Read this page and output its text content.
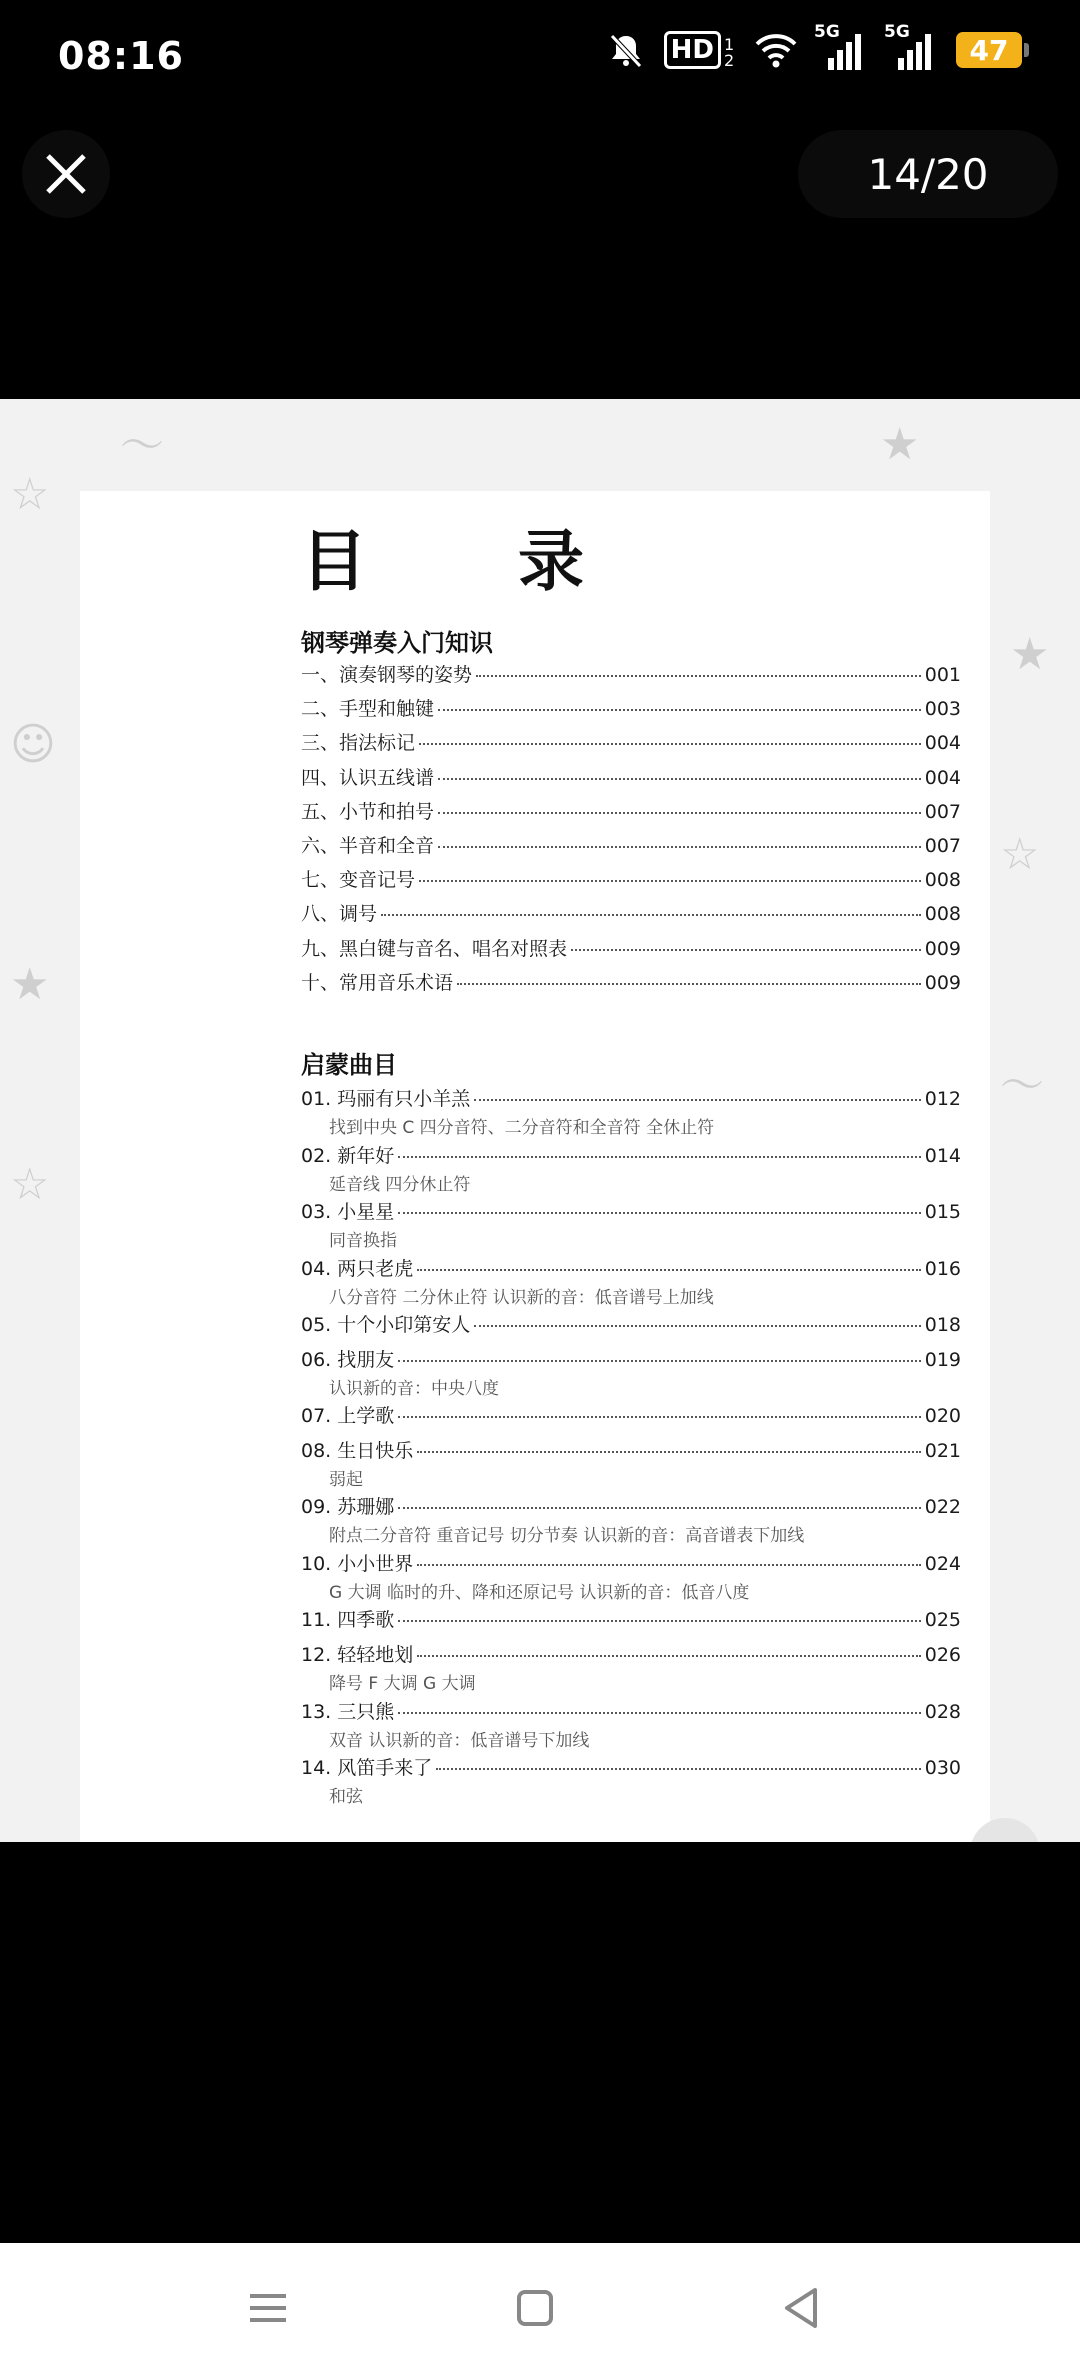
08:16	HD 1 2
5G	5G
47
14/20
☆
〜	★
☺
★
☆
★
☆
〜
目 录
钢琴弹奏入门知识
一、演奏钢琴的姿势	001
二、手型和触键	003
三、指法标记	004
四、认识五线谱	004
五、小节和拍号	007
六、半音和全音	007
七、变音记号	008
八、调号	008
九、黑白键与音名、唱名对照表	009
十、常用音乐术语	009
启蒙曲目
01. 玛丽有只小羊羔	012
找到中央 C 四分音符、二分音符和全音符 全休止符
02. 新年好	014
延音线 四分休止符
03. 小星星	015
同音换指
04. 两只老虎	016
八分音符 二分休止符 认识新的音：低音谱号上加线
05. 十个小印第安人	018
06. 找朋友	019
认识新的音：中央八度
07. 上学歌	020
08. 生日快乐	021
弱起
09. 苏珊娜	022
附点二分音符 重音记号 切分节奏 认识新的音：高音谱表下加线
10. 小小世界	024
G 大调 临时的升、降和还原记号 认识新的音：低音八度
11. 四季歌	025
12. 轻轻地划	026
降号 F 大调 G 大调
13. 三只熊	028
双音 认识新的音：低音谱号下加线
14. 风笛手来了	030
和弦
